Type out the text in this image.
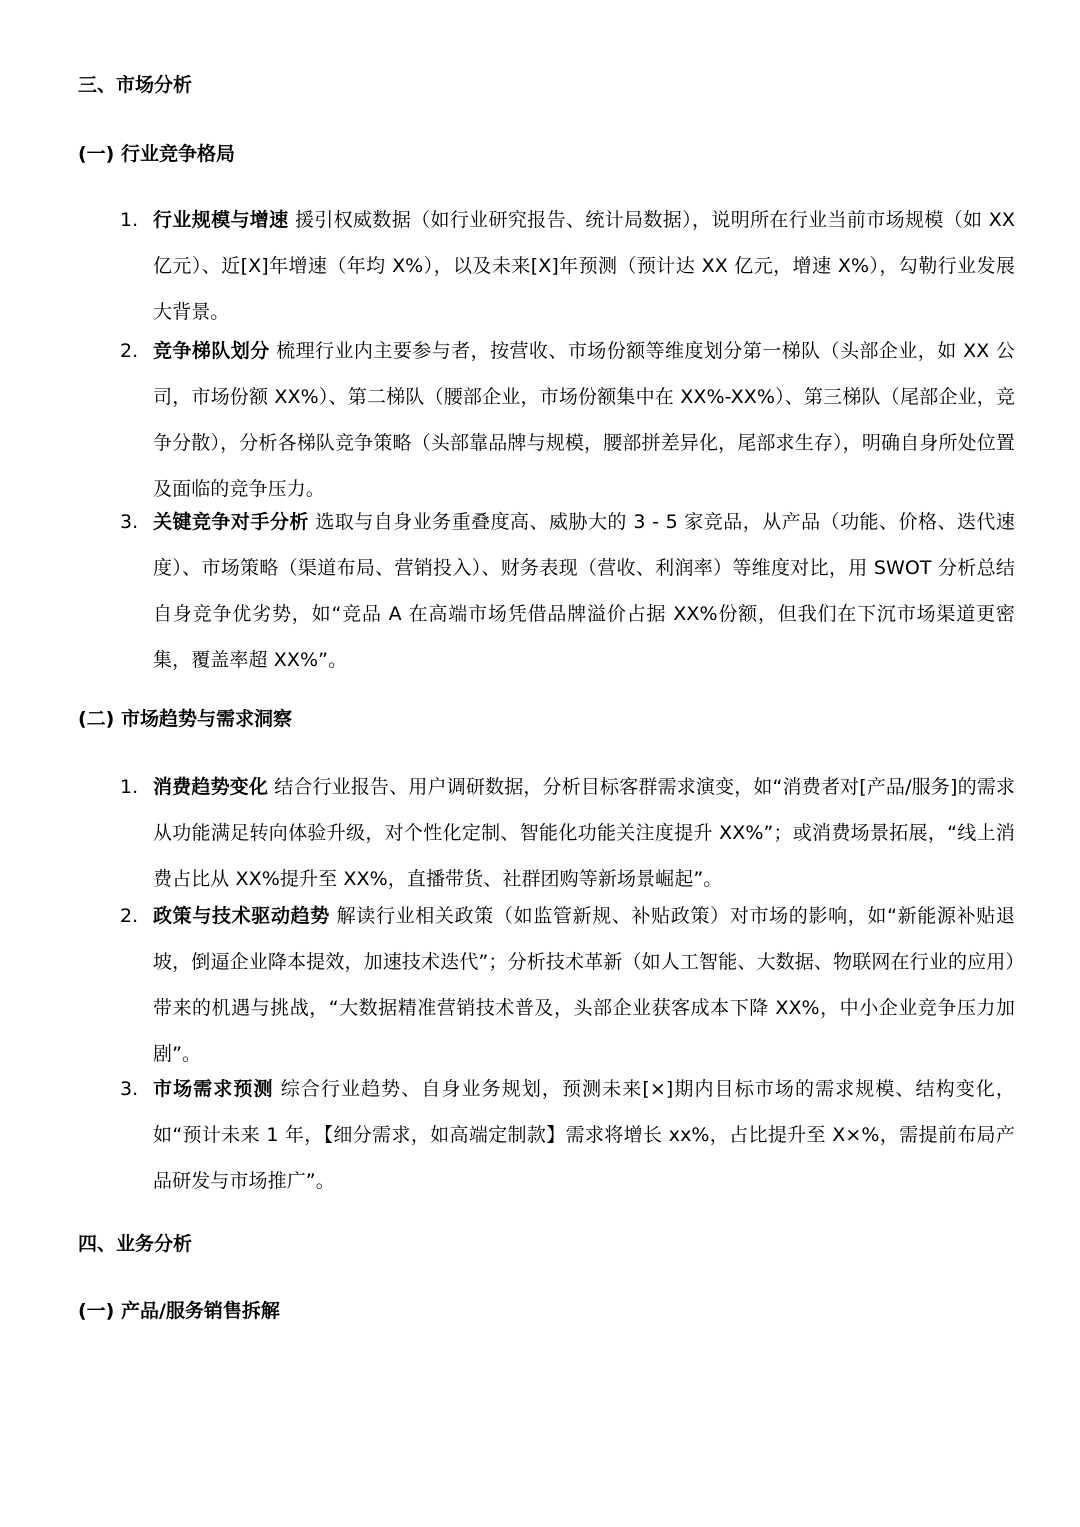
三、市场分析
(一) 行业竞争格局
1. 行业规模与增速 援引权威数据（如行业研究报告、统计局数据），说明所在行业当前市场规模（如 XX 亿元）、近[X]年增速（年均 X%），以及未来[X]年预测（预计达 XX 亿元，增速 X%），勾勒行业发展大背景。
2. 竞争梯队划分 梳理行业内主要参与者，按营收、市场份额等维度划分第一梯队（头部企业，如 XX 公司，市场份额 XX%）、第二梯队（腰部企业，市场份额集中在 XX%-XX%）、第三梯队（尾部企业，竞争分散），分析各梯队竞争策略（头部靠品牌与规模，腰部拼差异化，尾部求生存），明确自身所处位置及面临的竞争压力。
3. 关键竞争对手分析 选取与自身业务重叠度高、威胁大的 3 - 5 家竞品，从产品（功能、价格、迭代速度）、市场策略（渠道布局、营销投入）、财务表现（营收、利润率）等维度对比，用 SWOT 分析总结自身竞争优劣势，如“竞品 A 在高端市场凭借品牌溢价占据 XX%份额，但我们在下沉市场渠道更密集，覆盖率超 XX%”。
(二) 市场趋势与需求洞察
1. 消费趋势变化 结合行业报告、用户调研数据，分析目标客群需求演变，如“消费者对[产品/服务]的需求从功能满足转向体验升级，对个性化定制、智能化功能关注度提升 XX%”；或消费场景拓展，“线上消费占比从 XX%提升至 XX%，直播带货、社群团购等新场景崛起”。
2. 政策与技术驱动趋势 解读行业相关政策（如监管新规、补贴政策）对市场的影响，如“新能源补贴退坡，倒逼企业降本提效，加速技术迭代”；分析技术革新（如人工智能、大数据、物联网在行业的应用）带来的机遇与挑战，“大数据精准营销技术普及，头部企业获客成本下降 XX%，中小企业竞争压力加剧”。
3. 市场需求预测 综合行业趋势、自身业务规划，预测未来[×]期内目标市场的需求规模、结构变化，如“预计未来 1 年，【细分需求，如高端定制款】需求将增长 xx%，占比提升至 X×%，需提前布局产品研发与市场推广”。
四、业务分析
(一) 产品/服务销售拆解
